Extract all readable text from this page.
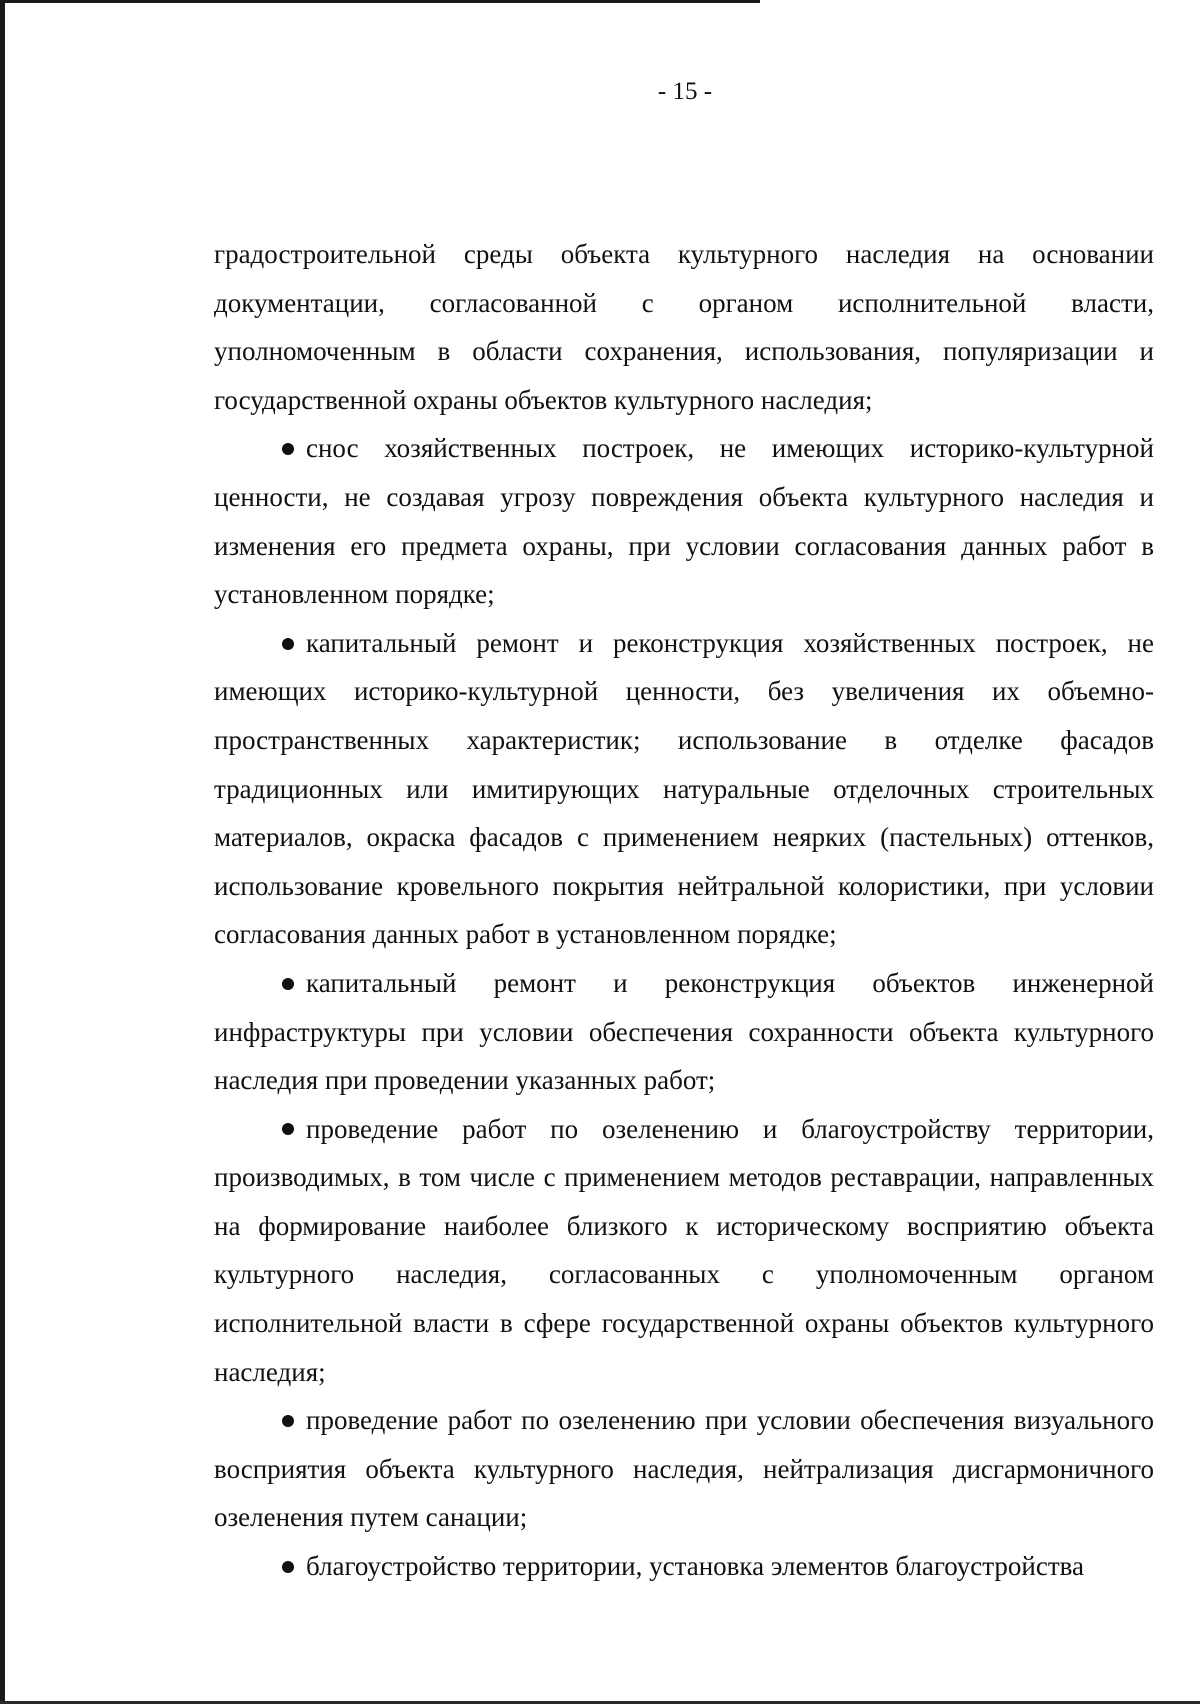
- 15 -

градостроительной среды объекта культурного наследия на основании документации, согласованной с органом исполнительной власти, уполномоченным в области сохранения, использования, популяризации и государственной охраны объектов культурного наследия;

снос хозяйственных построек, не имеющих историко-культурной ценности, не создавая угрозу повреждения объекта культурного наследия и изменения его предмета охраны, при условии согласования данных работ в установленном порядке;

капитальный ремонт и реконструкция хозяйственных построек, не имеющих историко-культурной ценности, без увеличения их объемно-пространственных характеристик; использование в отделке фасадов традиционных или имитирующих натуральные отделочных строительных материалов, окраска фасадов с применением неярких (пастельных) оттенков, использование кровельного покрытия нейтральной колористики, при условии согласования данных работ в установленном порядке;

капитальный ремонт и реконструкция объектов инженерной инфраструктуры при условии обеспечения сохранности объекта культурного наследия при проведении указанных работ;

проведение работ по озеленению и благоустройству территории, производимых, в том числе с применением методов реставрации, направленных на формирование наиболее близкого к историческому восприятию объекта культурного наследия, согласованных с уполномоченным органом исполнительной власти в сфере государственной охраны объектов культурного наследия;

проведение работ по озеленению при условии обеспечения визуального восприятия объекта культурного наследия, нейтрализация дисгармоничного озеленения путем санации;

благоустройство территории, установка элементов благоустройства
